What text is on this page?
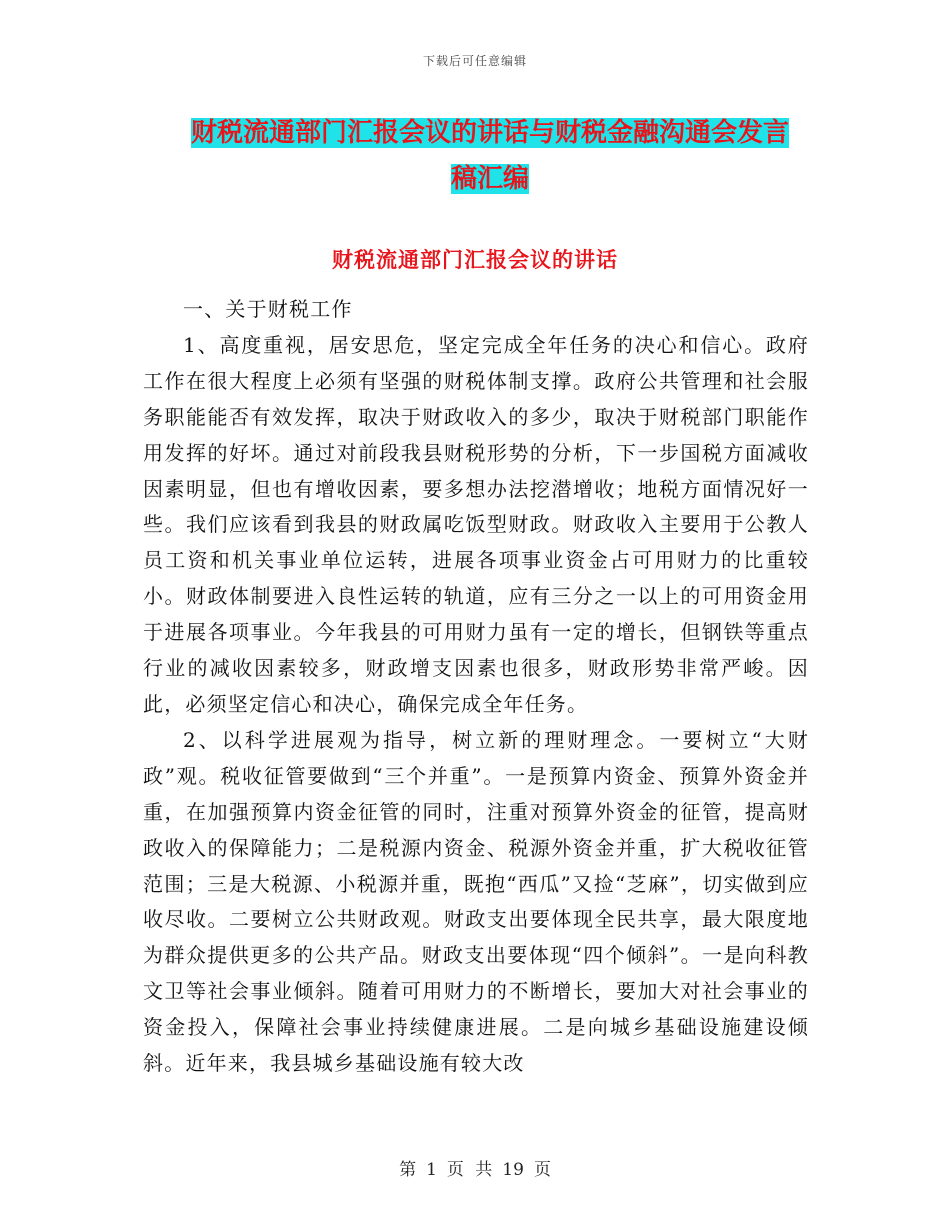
下载后可任意编辑
财税流通部门汇报会议的讲话与财税金融沟通会发言
稿汇编
财税流通部门汇报会议的讲话

一、关于财税工作

1、高度重视，居安思危，坚定完成全年任务的决心和信心。政府工作在很大程度上必须有坚强的财税体制支撑。政府公共管理和社会服务职能能否有效发挥，取决于财政收入的多少，取决于财税部门职能作用发挥的好坏。通过对前段我县财税形势的分析，下一步国税方面减收因素明显，但也有增收因素，要多想办法挖潜增收；地税方面情况好一些。我们应该看到我县的财政属吃饭型财政。财政收入主要用于公教人员工资和机关事业单位运转，进展各项事业资金占可用财力的比重较小。财政体制要进入良性运转的轨道，应有三分之一以上的可用资金用于进展各项事业。今年我县的可用财力虽有一定的增长，但钢铁等重点行业的减收因素较多，财政增支因素也很多，财政形势非常严峻。因此，必须坚定信心和决心，确保完成全年任务。

2、以科学进展观为指导，树立新的理财理念。一要树立“大财政”观。税收征管要做到“三个并重”。一是预算内资金、预算外资金并重，在加强预算内资金征管的同时，注重对预算外资金的征管，提高财政收入的保障能力；二是税源内资金、税源外资金并重，扩大税收征管范围；三是大税源、小税源并重，既抱“西瓜”又捡“芝麻”，切实做到应收尽收。二要树立公共财政观。财政支出要体现全民共享，最大限度地为群众提供更多的公共产品。财政支出要体现“四个倾斜”。一是向科教文卫等社会事业倾斜。随着可用财力的不断增长，要加大对社会事业的资金投入，保障社会事业持续健康进展。二是向城乡基础设施建设倾斜。近年来，我县城乡基础设施有较大改

第 1 页 共 19 页
